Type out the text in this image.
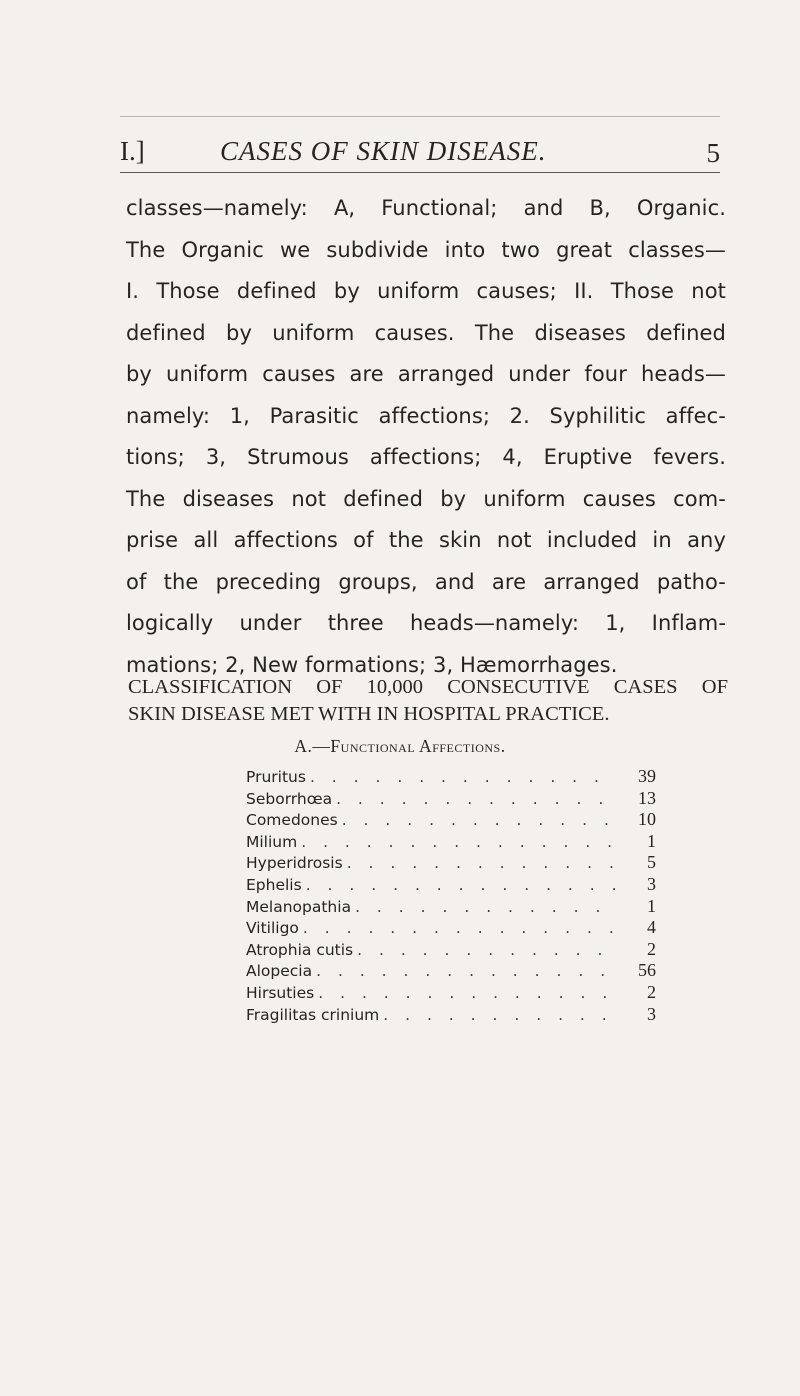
I.]	CASES OF SKIN DISEASE.	5
classes—namely: A, Functional; and B, Organic.
The Organic we subdivide into two great classes—
I. Those defined by uniform causes; II. Those not
defined by uniform causes. The diseases defined
by uniform causes are arranged under four heads—
namely: 1, Parasitic affections; 2. Syphilitic affec-
tions; 3, Strumous affections; 4, Eruptive fevers.
The diseases not defined by uniform causes com-
prise all affections of the skin not included in any
of the preceding groups, and are arranged patho-
logically under three heads—namely: 1, Inflam-
mations; 2, New formations; 3, Hæmorrhages.
CLASSIFICATION OF 10,000 CONSECUTIVE CASES OF
SKIN DISEASE MET WITH IN HOSPITAL PRACTICE.
A.—Functional Affections.
Pruritus . . .	39
Seborrhœa . . .	13
Comedones . . .	10
Milium . . .	1
Hyperidrosis . . .	5
Ephelis . . .	3
Melanopathia . . .	1
Vitiligo . . .	4
Atrophia cutis . . .	2
Alopecia . . .	56
Hirsuties . . .	2
Fragilitas crinium . . .	3
